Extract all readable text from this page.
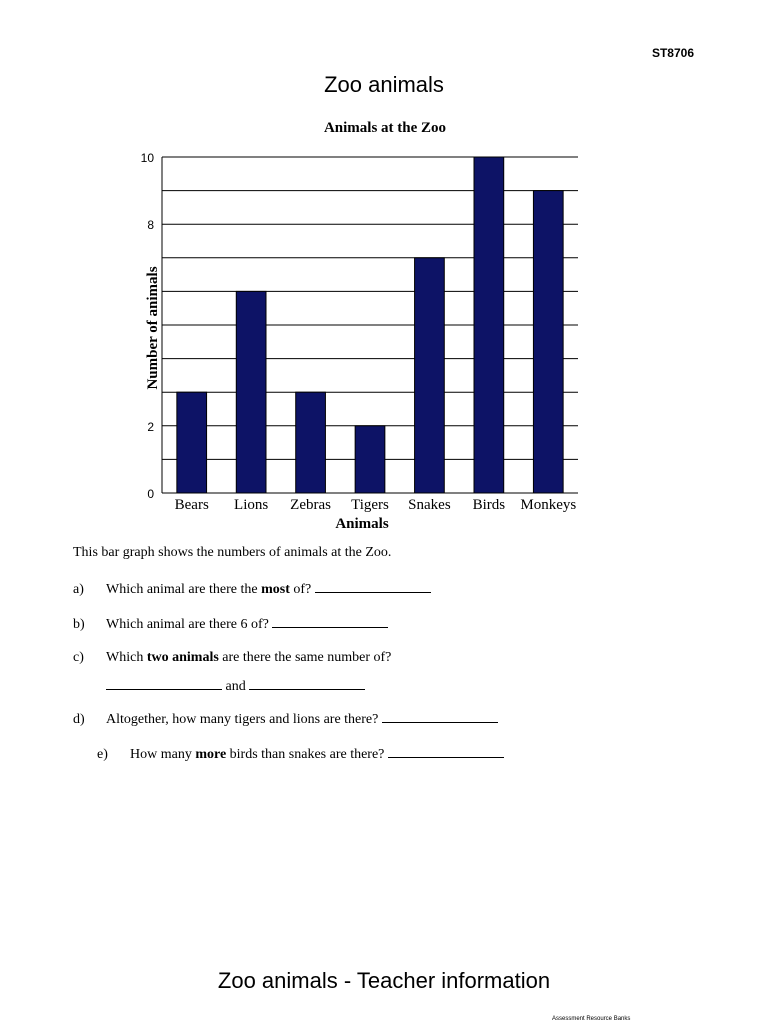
ST8706
Zoo animals
Animals at the Zoo
0
2
8
10
Bears Lions Zebras Tigers Snakes Birds Monkeys
Number of animals
Animals
This bar graph shows the numbers of animals at the Zoo.
a) Which animal are there the most of?
b) Which animal are there 6 of?
c) Which two animals are there the same number of?
and
d) Altogether, how many tigers and lions are there?
e) How many more birds than snakes are there?
Zoo animals - Teacher information
Assessment Resource Banks
